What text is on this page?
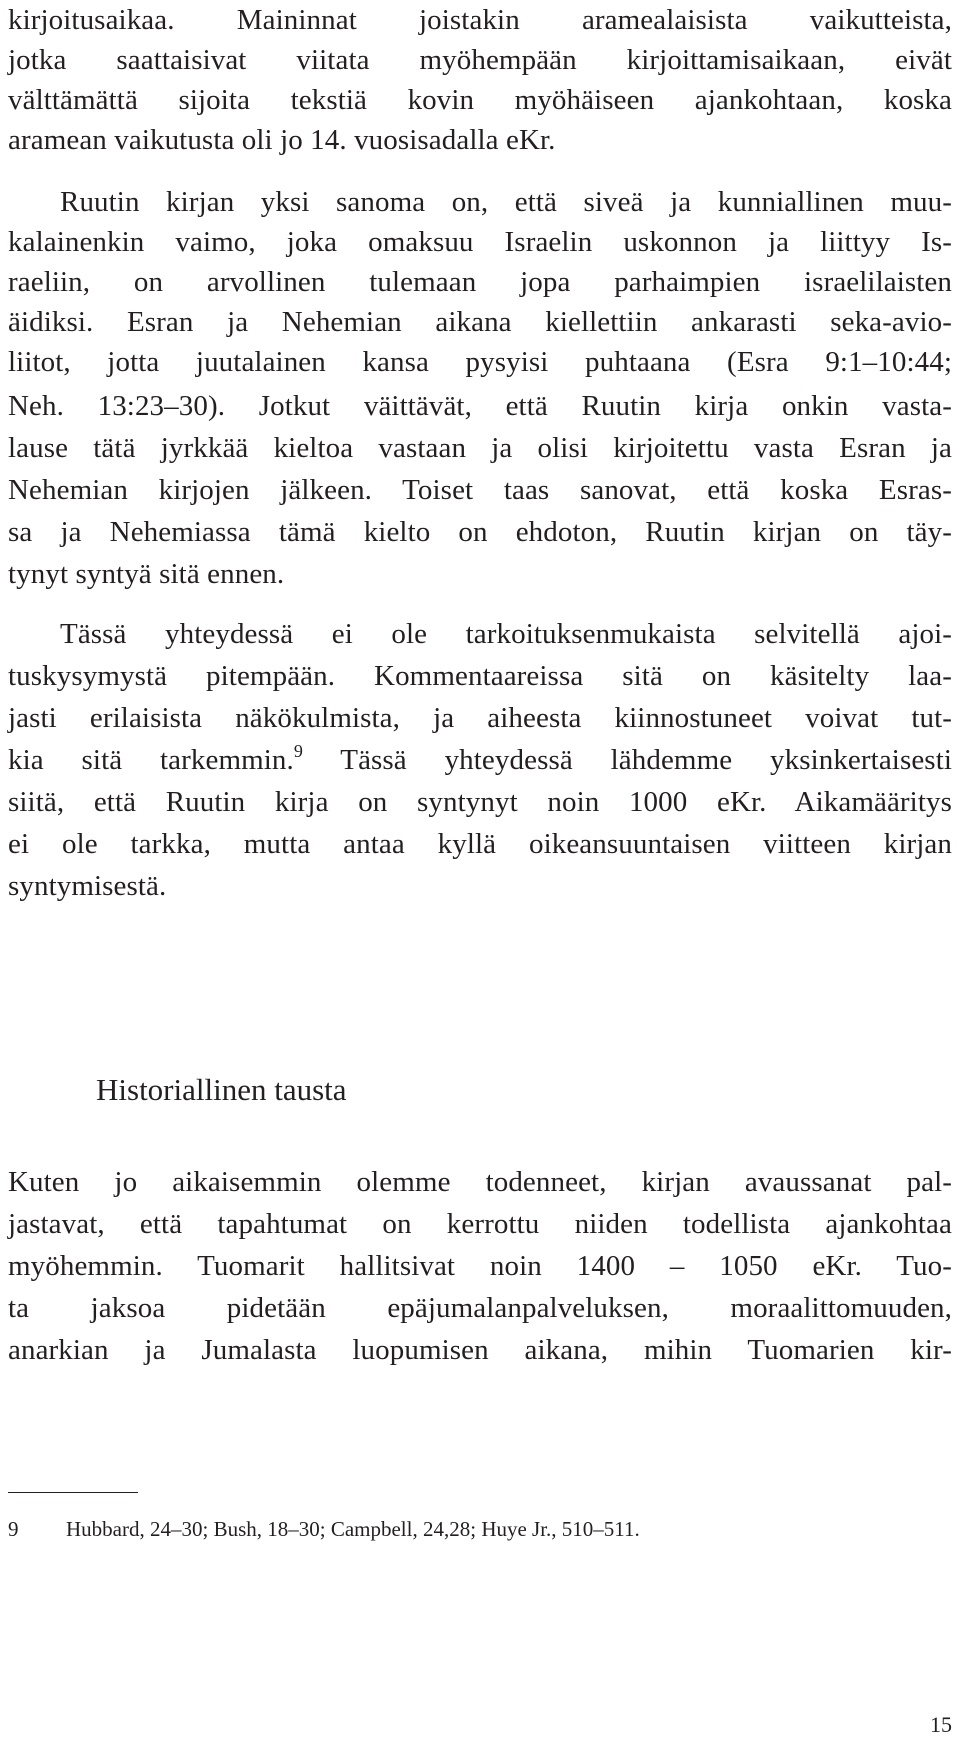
kirjoitusaikaa. Maininnat joistakin aramealaisista vaikutteista,
jotka saattaisivat viitata myöhempään kirjoittamisaikaan, eivät
välttämättä sijoita tekstiä kovin myöhäiseen ajankohtaan, koska
aramean vaikutusta oli jo 14. vuosisadalla eKr.
Ruutin kirjan yksi sanoma on, että siveä ja kunniallinen muu-
kalainenkin vaimo, joka omaksuu Israelin uskonnon ja liittyy Is-
raeliin, on arvollinen tulemaan jopa parhaimpien israelilaisten
äidiksi. Esran ja Nehemian aikana kiellettiin ankarasti seka-avio-
liitot, jotta juutalainen kansa pysyisi puhtaana (Esra 9:1–10:44;
Neh. 13:23–30). Jotkut väittävät, että Ruutin kirja onkin vasta-
lause tätä jyrkkää kieltoa vastaan ja olisi kirjoitettu vasta Esran ja
Nehemian kirjojen jälkeen. Toiset taas sanovat, että koska Esras-
sa ja Nehemiassa tämä kielto on ehdoton, Ruutin kirjan on täy-
tynyt syntyä sitä ennen.
Tässä yhteydessä ei ole tarkoituksenmukaista selvitellä ajoi-
tuskysymystä pitempään. Kommentaareissa sitä on käsitelty laa-
jasti erilaisista näkökulmista, ja aiheesta kiinnostuneet voivat tut-
kia sitä tarkemmin.$^9$ Tässä yhteydessä lähdemme yksinkertaisesti
siitä, että Ruutin kirja on syntynyt noin 1000 eKr. Aikamääritys
ei ole tarkka, mutta antaa kyllä oikeansuuntaisen viitteen kirjan
syntymisestä.
Historiallinen tausta
Kuten jo aikaisemmin olemme todenneet, kirjan avaussanat pal-
jastavat, että tapahtumat on kerrottu niiden todellista ajankohtaa
myöhemmin. Tuomarit hallitsivat noin 1400 – 1050 eKr. Tuo-
ta jaksoa pidetään epäjumalanpalveluksen, moraalittomuuden,
anarkian ja Jumalasta luopumisen aikana, mihin Tuomarien kir-
9 Hubbard, 24–30; Bush, 18–30; Campbell, 24,28; Huye Jr., 510–511.
15
